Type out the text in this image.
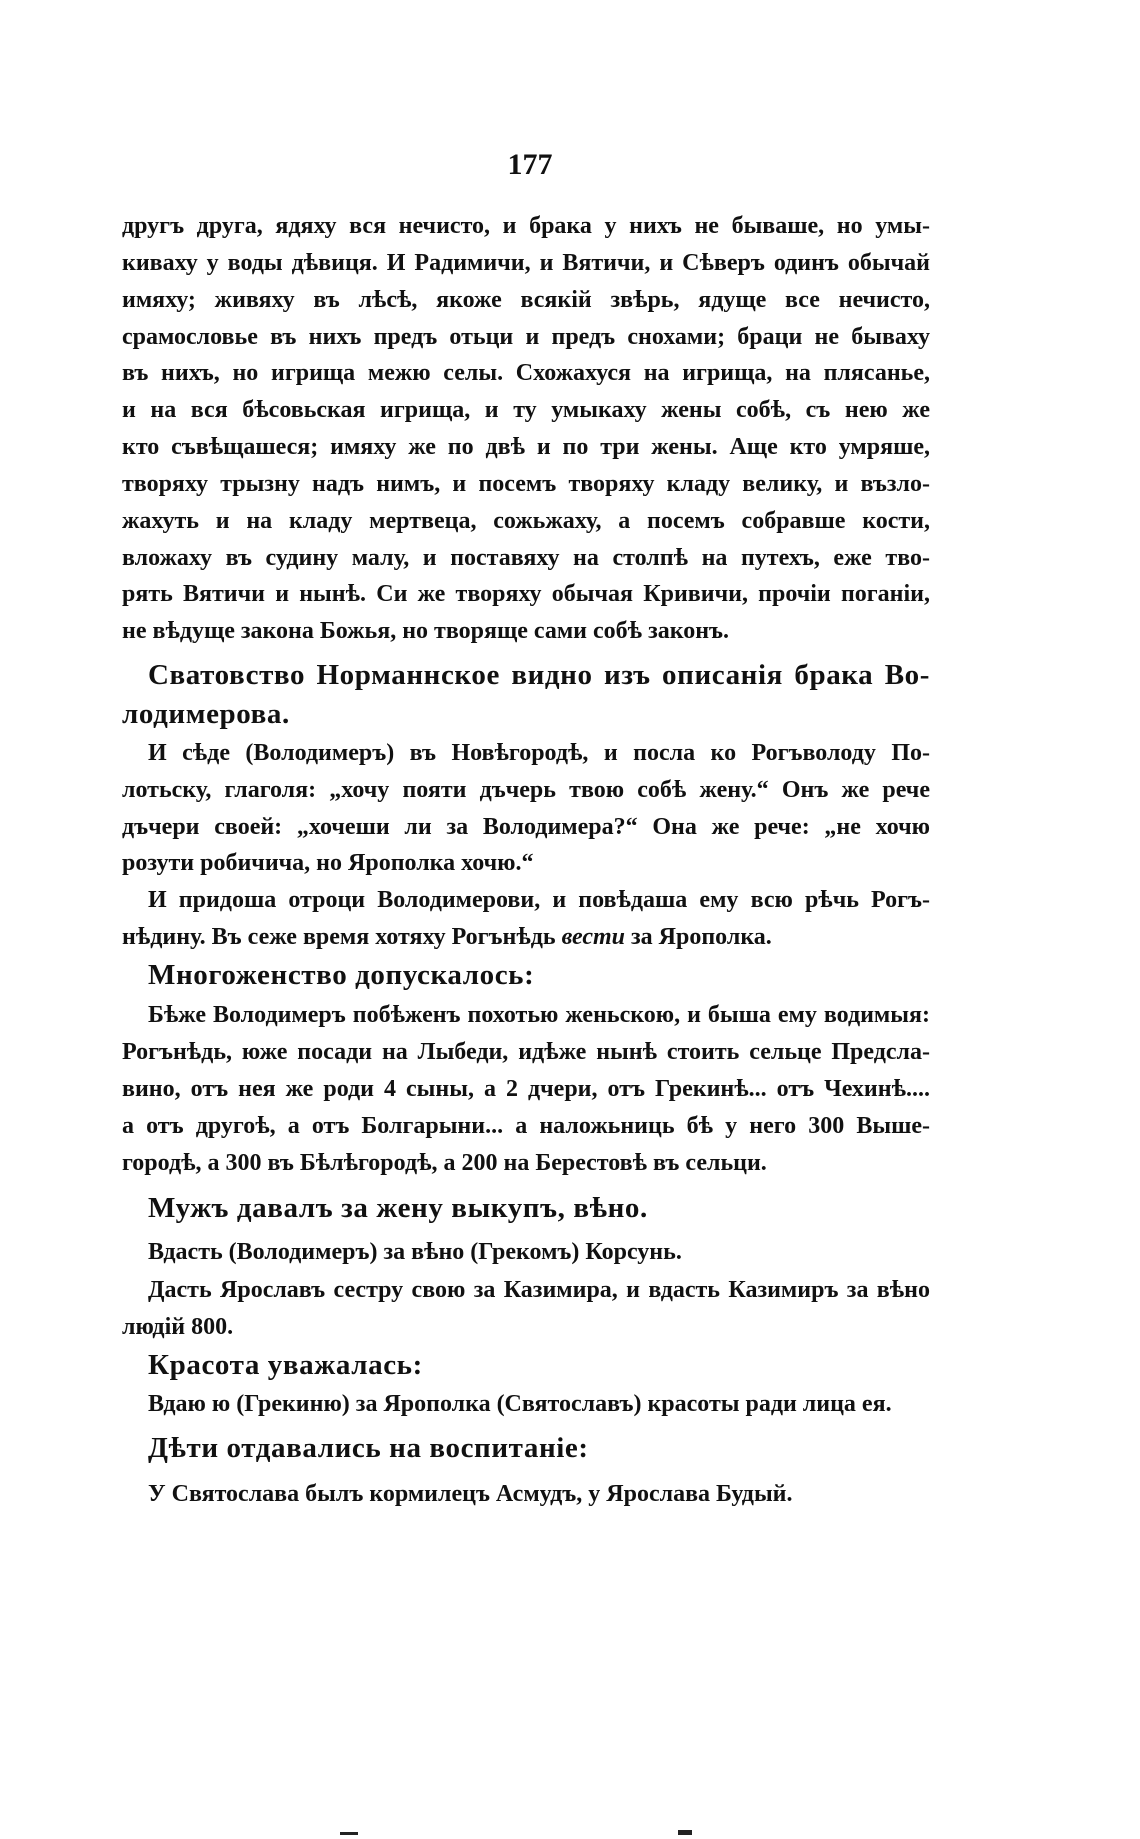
177
другъ друга, ядяху вся нечисто, и брака у нихъ не бываше, но умы-
киваху у воды дѣвиця. И Радимичи, и Вятичи, и Сѣверъ одинъ обычай
имяху; живяху въ лѣсѣ, якоже всякій звѣрь, ядуще все нечисто,
срамословье въ нихъ предъ отьци и предъ снохами; браци не бываху
въ нихъ, но игрища межю селы. Схожахуся на игрища, на плясанье,
и на вся бѣсовьская игрища, и ту умыкаху жены собѣ, съ нею же
кто съвѣщашеся; имяху же по двѣ и по три жены. Аще кто умряше,
творяху трызну надъ нимъ, и посемъ творяху кладу велику, и възло-
жахуть и на кладу мертвеца, сожьжаху, а посемъ собравше кости,
вложаху въ судину малу, и поставяху на столпѣ на путехъ, еже тво-
рять Вятичи и нынѣ. Си же творяху обычая Кривичи, прочіи поганіи,
не вѣдуще закона Божья, но творяще сами собѣ законъ.
Сватовство Норманнское видно изъ описанія брака Во-
лодимерова.
И сѣде (Володимеръ) въ Новѣгородѣ, и посла ко Рогъволоду По-
лотьску, глаголя: „хочу пояти дъчерь твою собѣ жену.“ Онъ же рече
дъчери своей: „хочеши ли за Володимера?“ Она же рече: „не хочю
розути робичича, но Ярополка хочю.“
И придоша отроци Володимерови, и повѣдаша ему всю рѣчь Рогъ-
нѣдину. Въ сеже время хотяху Рогънѣдь вести за Ярополка.
Многоженство допускалось:
Бѣже Володимеръ побѣженъ похотью женьскою, и быша ему водимыя:
Рогънѣдь, юже посади на Лыбеди, идѣже нынѣ стоить сельце Предсла-
вино, отъ нея же роди 4 сыны, а 2 дчери, отъ Грекинѣ... отъ Чехинѣ....
а отъ другоѣ, а отъ Болгарыни... а наложьниць бѣ у него 300 Выше-
городѣ, а 300 въ Бѣлѣгородѣ, а 200 на Берестовѣ въ сельци.
Мужъ давалъ за жену выкупъ, вѣно.
Вдасть (Володимеръ) за вѣно (Грекомъ) Корсунь.
Дасть Ярославъ сестру свою за Казимира, и вдасть Казимиръ за вѣно
людій 800.
Красота уважалась:
Вдаю ю (Грекиню) за Ярополка (Святославъ) красоты ради лица ея.
Дѣти отдавались на воспитаніе:
У Святослава былъ кормилецъ Асмудъ, у Ярослава Будый.
